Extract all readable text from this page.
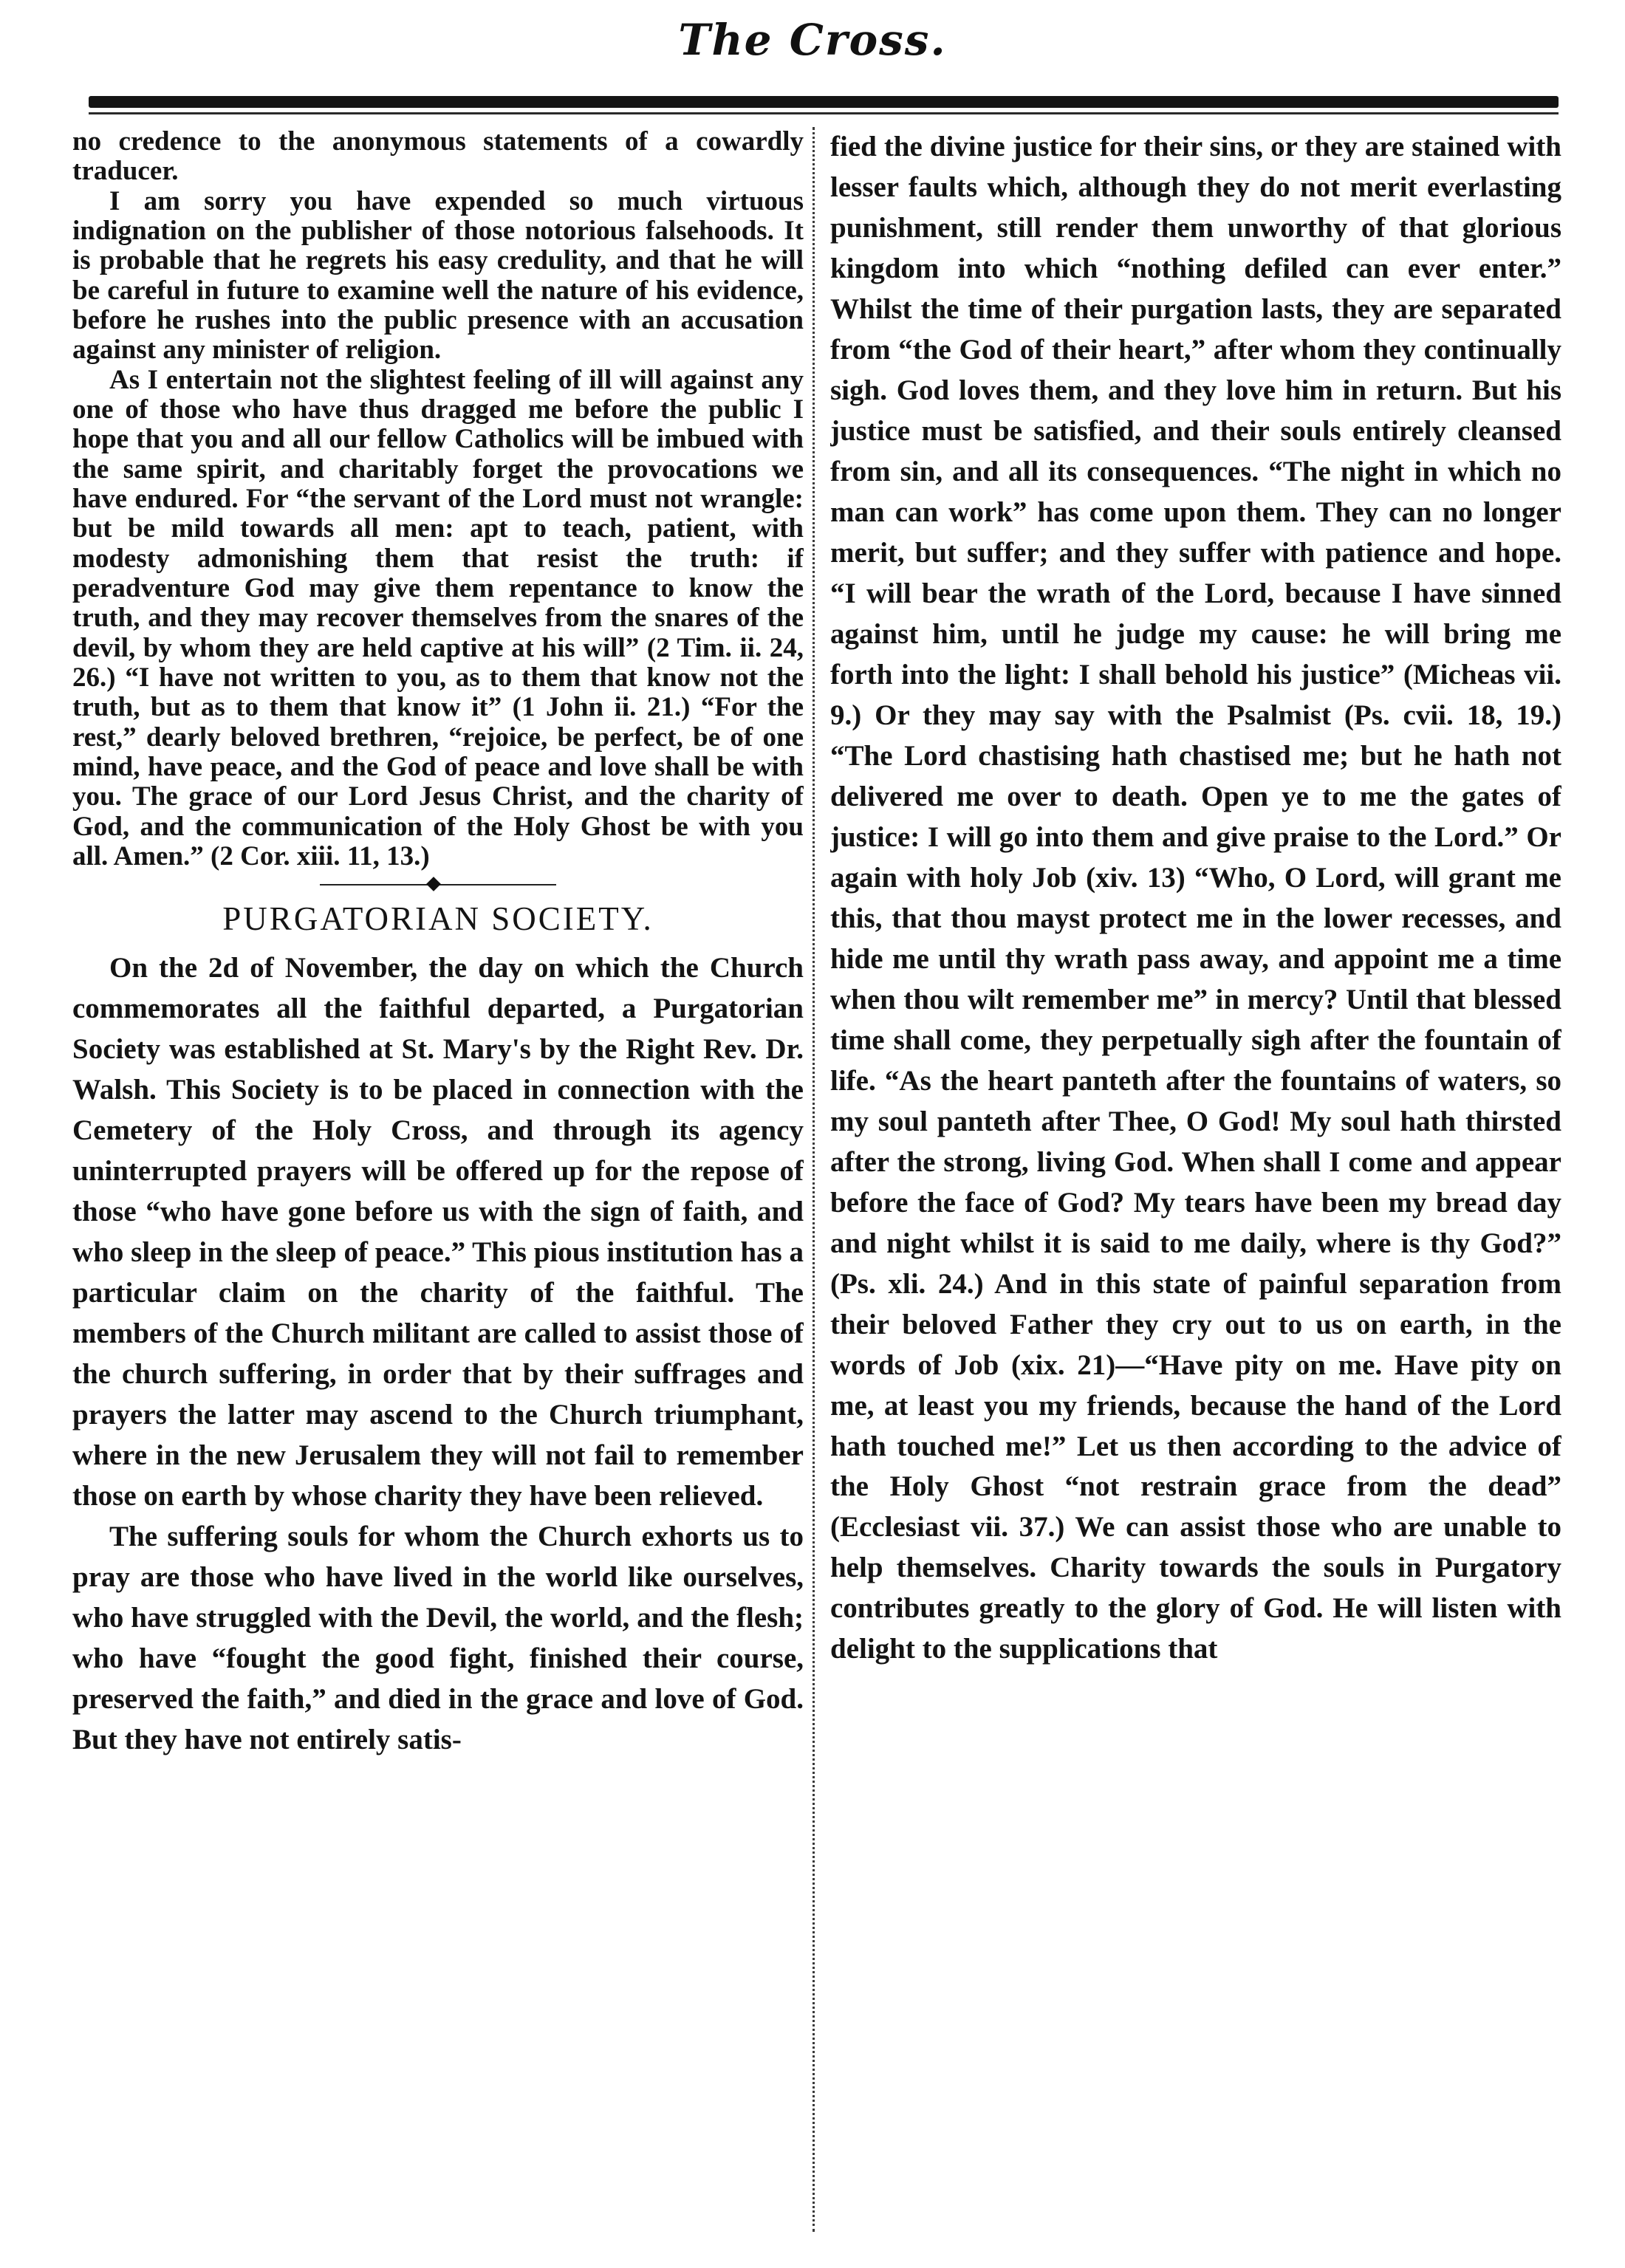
The Cross.

no credence to the anonymous statements of a cowardly traducer.

I am sorry you have expended so much virtuous indignation on the publisher of those notorious falsehoods. It is probable that he regrets his easy credulity, and that he will be careful in future to examine well the nature of his evidence, before he rushes into the public presence with an accusation against any minister of religion.

As I entertain not the slightest feeling of ill will against any one of those who have thus dragged me before the public I hope that you and all our fellow Catholics will be imbued with the same spirit, and charitably forget the provocations we have endured. For “the servant of the Lord must not wrangle: but be mild towards all men: apt to teach, patient, with modesty admonishing them that resist the truth: if peradventure God may give them repentance to know the truth, and they may recover themselves from the snares of the devil, by whom they are held captive at his will” (2 Tim. ii. 24, 26.) “I have not written to you, as to them that know not the truth, but as to them that know it” (1 John ii. 21.) “For the rest,” dearly beloved brethren, “rejoice, be perfect, be of one mind, have peace, and the God of peace and love shall be with you. The grace of our Lord Jesus Christ, and the charity of God, and the communication of the Holy Ghost be with you all. Amen.” (2 Cor. xiii. 11, 13.)

PURGATORIAN SOCIETY.

On the 2d of November, the day on which the Church commemorates all the faithful departed, a Purgatorian Society was established at St. Mary's by the Right Rev. Dr. Walsh. This Society is to be placed in connection with the Cemetery of the Holy Cross, and through its agency uninterrupted prayers will be offered up for the repose of those “who have gone before us with the sign of faith, and who sleep in the sleep of peace.” This pious institution has a particular claim on the charity of the faithful. The members of the Church militant are called to assist those of the church suffering, in order that by their suffrages and prayers the latter may ascend to the Church triumphant, where in the new Jerusalem they will not fail to remember those on earth by whose charity they have been relieved.

The suffering souls for whom the Church exhorts us to pray are those who have lived in the world like ourselves, who have struggled with the Devil, the world, and the flesh; who have “fought the good fight, finished their course, preserved the faith,” and died in the grace and love of God. But they have not entirely satis-

fied the divine justice for their sins, or they are stained with lesser faults which, although they do not merit everlasting punishment, still render them unworthy of that glorious kingdom into which “nothing defiled can ever enter.” Whilst the time of their purgation lasts, they are separated from “the God of their heart,” after whom they continually sigh. God loves them, and they love him in return. But his justice must be satisfied, and their souls entirely cleansed from sin, and all its consequences. “The night in which no man can work” has come upon them. They can no longer merit, but suffer; and they suffer with patience and hope. “I will bear the wrath of the Lord, because I have sinned against him, until he judge my cause: he will bring me forth into the light: I shall behold his justice” (Micheas vii. 9.) Or they may say with the Psalmist (Ps. cvii. 18, 19.) “The Lord chastising hath chastised me; but he hath not delivered me over to death. Open ye to me the gates of justice: I will go into them and give praise to the Lord.” Or again with holy Job (xiv. 13) “Who, O Lord, will grant me this, that thou mayst protect me in the lower recesses, and hide me until thy wrath pass away, and appoint me a time when thou wilt remember me” in mercy? Until that blessed time shall come, they perpetually sigh after the fountain of life. “As the heart panteth after the fountains of waters, so my soul panteth after Thee, O God! My soul hath thirsted after the strong, living God. When shall I come and appear before the face of God? My tears have been my bread day and night whilst it is said to me daily, where is thy God?” (Ps. xli. 24.) And in this state of painful separation from their beloved Father they cry out to us on earth, in the words of Job (xix. 21)—“Have pity on me. Have pity on me, at least you my friends, because the hand of the Lord hath touched me!” Let us then according to the advice of the Holy Ghost “not restrain grace from the dead” (Ecclesiast vii. 37.) We can assist those who are unable to help themselves. Charity towards the souls in Purgatory contributes greatly to the glory of God. He will listen with delight to the supplications that
